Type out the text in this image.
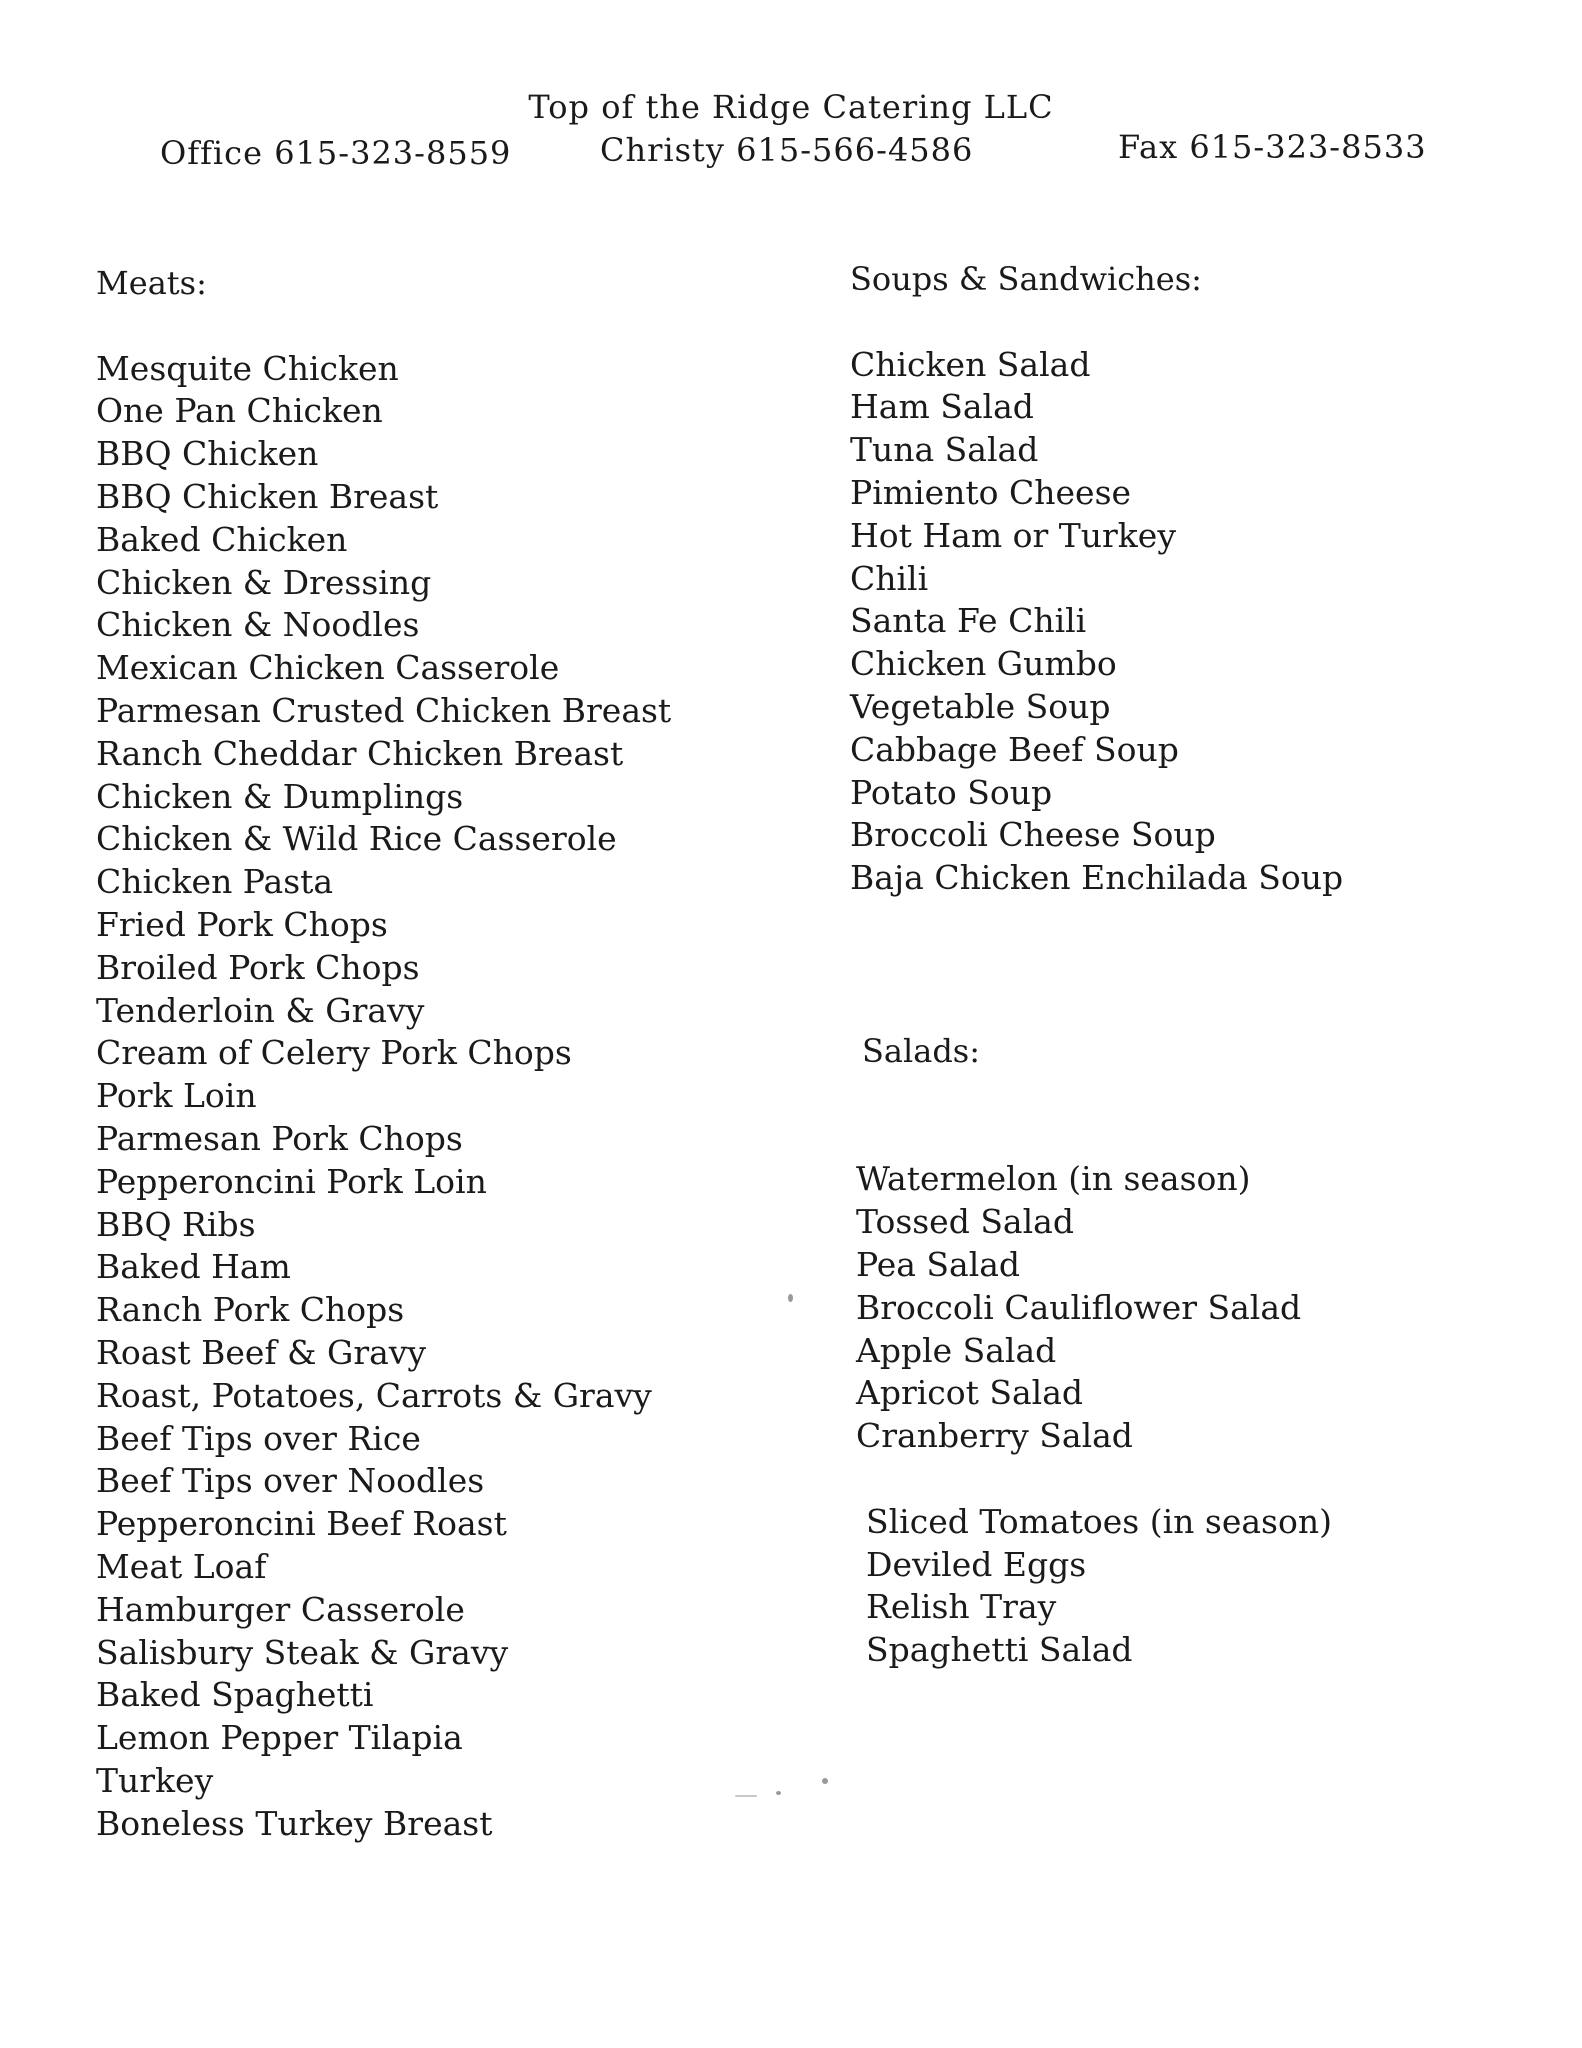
Top of the Ridge Catering LLC
Office 615-323-8559	Christy 615-566-4586	Fax 615-323-8533
Meats:
Mesquite Chicken
One Pan Chicken
BBQ Chicken
BBQ Chicken Breast
Baked Chicken
Chicken & Dressing
Chicken & Noodles
Mexican Chicken Casserole
Parmesan Crusted Chicken Breast
Ranch Cheddar Chicken Breast
Chicken & Dumplings
Chicken & Wild Rice Casserole
Chicken Pasta
Fried Pork Chops
Broiled Pork Chops
Tenderloin & Gravy
Cream of Celery Pork Chops
Pork Loin
Parmesan Pork Chops
Pepperoncini Pork Loin
BBQ Ribs
Baked Ham
Ranch Pork Chops
Roast Beef & Gravy
Roast, Potatoes, Carrots & Gravy
Beef Tips over Rice
Beef Tips over Noodles
Pepperoncini Beef Roast
Meat Loaf
Hamburger Casserole
Salisbury Steak & Gravy
Baked Spaghetti
Lemon Pepper Tilapia
Turkey
Boneless Turkey Breast
Soups & Sandwiches:
Chicken Salad
Ham Salad
Tuna Salad
Pimiento Cheese
Hot Ham or Turkey
Chili
Santa Fe Chili
Chicken Gumbo
Vegetable Soup
Cabbage Beef Soup
Potato Soup
Broccoli Cheese Soup
Baja Chicken Enchilada Soup
Salads:
Watermelon (in season)
Tossed Salad
Pea Salad
Broccoli Cauliflower Salad
Apple Salad
Apricot Salad
Cranberry Salad
Sliced Tomatoes (in season)
Deviled Eggs
Relish Tray
Spaghetti Salad
